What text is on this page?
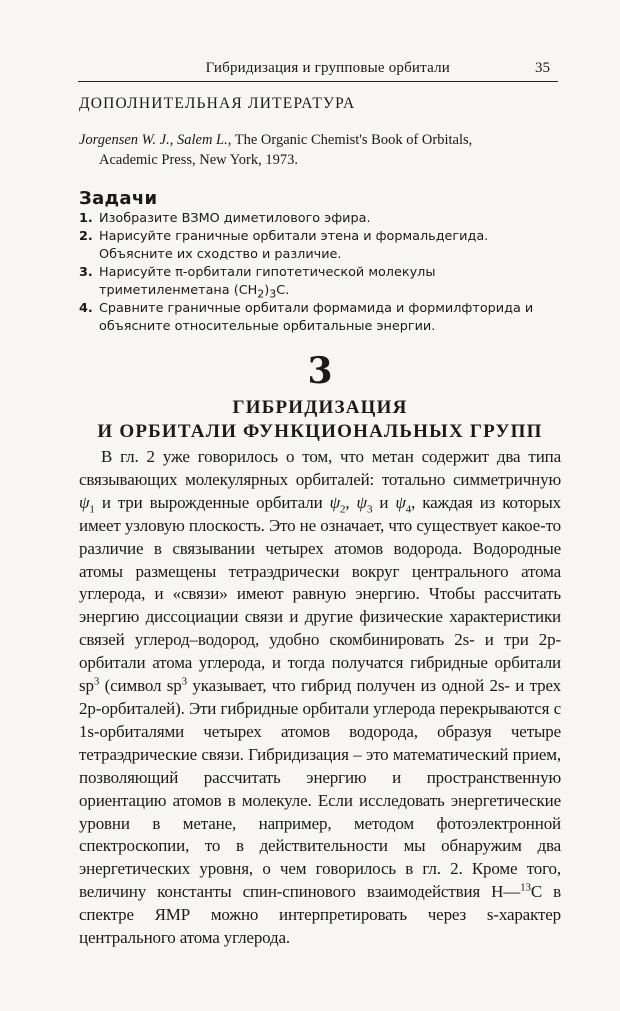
Гибридизация и групповые орбитали	35
ДОПОЛНИТЕЛЬНАЯ ЛИТЕРАТУРА
Jorgensen W. J., Salem L., The Organic Chemist's Book of Orbitals,
Academic Press, New York, 1973.
Задачи
1. Изобразите ВЗМО диметилового эфира.
2. Нарисуйте граничные орбитали этена и формальдегида. Объясните их сходство и различие.
3. Нарисуйте π-орбитали гипотетической молекулы триметиленметана $(CH_2)_3C$.
4. Сравните граничные орбитали формамида и формилфторида и объясните относительные орбитальные энергии.
3
ГИБРИДИЗАЦИЯ
И ОРБИТАЛИ ФУНКЦИОНАЛЬНЫХ ГРУПП

В гл. 2 уже говорилось о том, что метан содержит два типа связывающих молекулярных орбиталей: тотально симметричную $\psi_1$ и три вырожденные орбитали $\psi_2$, $\psi_3$ и $\psi_4$, каждая из которых имеет узловую плоскость. Это не означает, что существует какое-то различие в связывании четырех атомов водорода. Водородные атомы размещены тетраэдрически вокруг центрального атома углерода, и «связи» имеют равную энергию. Чтобы рассчитать энергию диссоциации связи и другие физические характеристики связей углерод–водород, удобно скомбинировать 2s- и три 2p-орбитали атома углерода, и тогда получатся гибридные орбитали $sp^3$ (символ $sp^3$ указывает, что гибрид получен из одной 2s- и трех 2p-орбиталей). Эти гибридные орбитали углерода перекрываются с 1s-орбиталями четырех атомов водорода, образуя четыре тетраэдрические связи. Гибридизация – это математический прием, позволяющий рассчитать энергию и пространственную ориентацию атомов в молекуле. Если исследовать энергетические уровни в метане, например, методом фотоэлектронной спектроскопии, то в действительности мы обнаружим два энергетических уровня, о чем говорилось в гл. 2. Кроме того, величину константы спин-спинового взаимодействия H—$^{13}$C в спектре ЯМР можно интерпретировать через s-характер центрального атома углерода.
